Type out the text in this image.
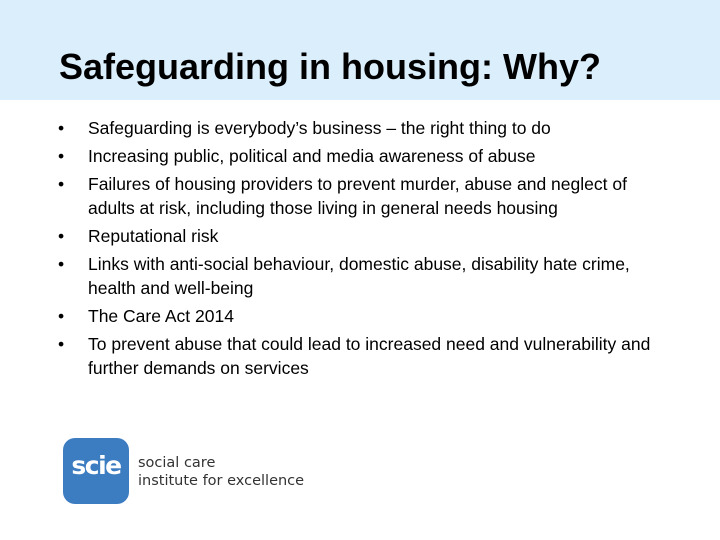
Safeguarding in housing: Why?
• Safeguarding is everybody’s business – the right thing to do
• Increasing public, political and media awareness of abuse
• Failures of housing providers to prevent murder, abuse and neglect of adults at risk, including those living in general needs housing
• Reputational risk
• Links with anti-social behaviour, domestic abuse, disability hate crime, health and well-being
• The Care Act 2014
• To prevent abuse that could lead to increased need and vulnerability and further demands on services
scie	social care
institute for excellence
